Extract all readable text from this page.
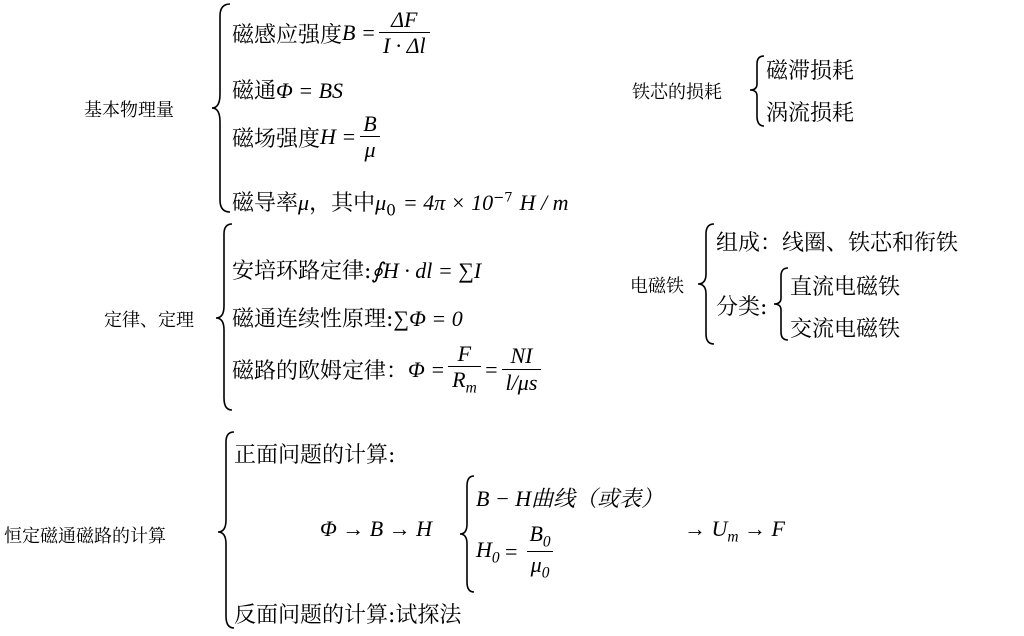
基本物理量
磁感应强度 $B = \frac{\Delta F}{I \cdot \Delta l}$
磁通Φ = BS
磁场强度 $H = \frac{B}{\mu}$
磁导率μ，其中$\mu_0 = 4\pi \times 10^{-7}$ H / m
铁芯的损耗
磁滞损耗
涡流损耗
定律、定理
安培环路定律:∮H · dl = ∑I
磁通连续性原理:∑Φ = 0
磁路的欧姆定律： $\Phi = \frac{F}{R_m} = \frac{NI}{l/\mu s}$
电磁铁
组成：线圈、铁芯和衔铁
分类:
直流电磁铁
交流电磁铁
恒定磁通磁路的计算
正面问题的计算:
Φ → B → H
B − H曲线（或表）
$H_0 = \frac{B_0}{\mu_0}$	→ $U_m \to F$
反面问题的计算:试探法
